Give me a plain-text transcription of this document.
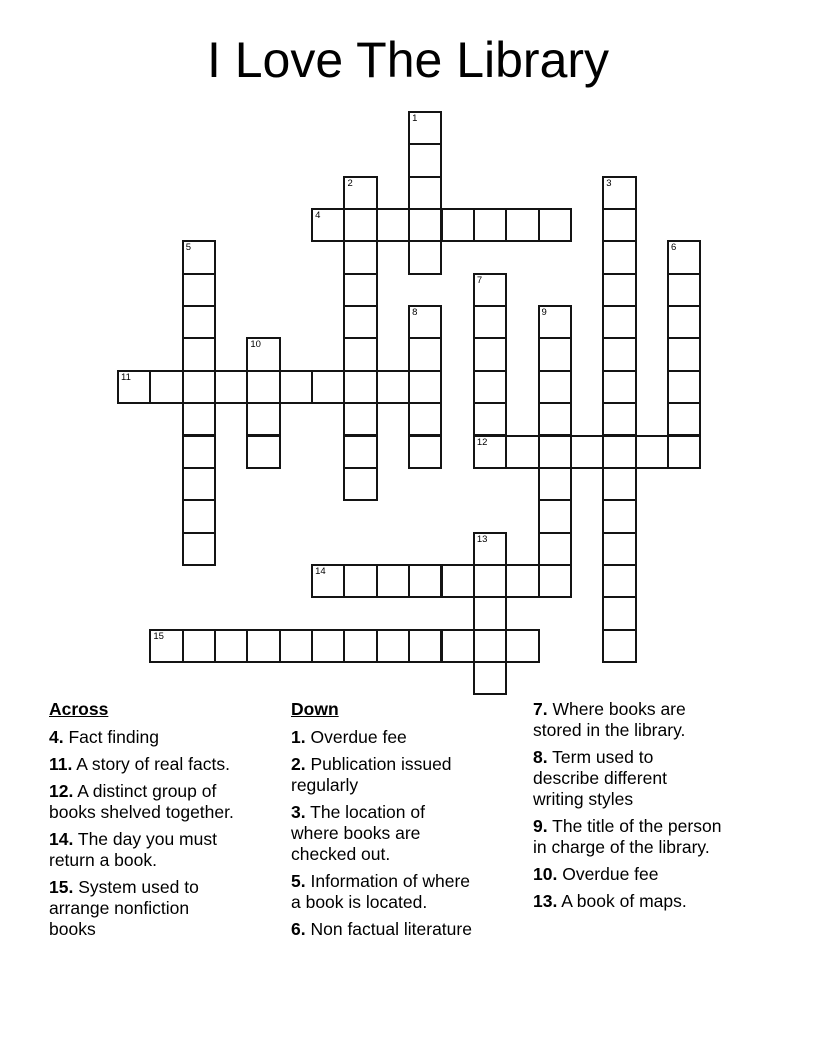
I Love The Library
1
2	3
4
5	6
7
12
8	9
10
11
13
14
15
Across

4. Fact finding

11. A story of real facts.

12. A distinct group of books shelved together.

14. The day you must return a book.

15. System used to arrange nonfiction books

Down

1. Overdue fee

2. Publication issued regularly

3. The location of where books are checked out.

5. Information of where a book is located.

6. Non factual literature

7. Where books are stored in the library.

8. Term used to describe different writing styles

9. The title of the person in charge of the library.

10. Overdue fee

13. A book of maps.
